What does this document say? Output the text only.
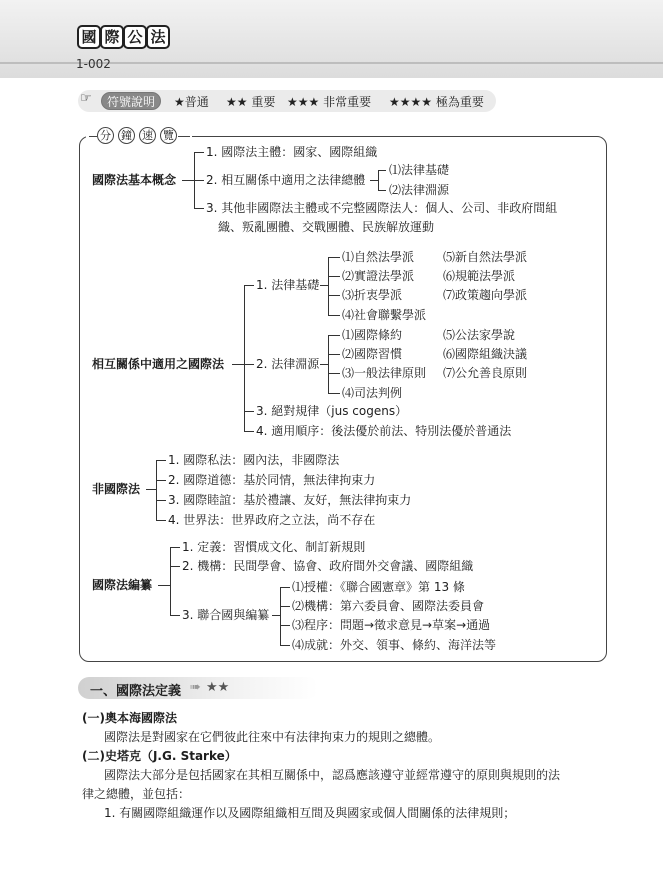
國 際 公 法
1-002
☞	符號說明	★普通 ★★ 重要 ★★★ 非常重要 ★★★★ 極為重要
分 鐘 速 覽
國際法基本概念
1. 國際法主體：國家、國際組織
2. 相互關係中適用之法律總體
⑴法律基礎
⑵法律淵源
3. 其他非國際法主體或不完整國際法人：個人、公司、非政府間組
織、叛亂團體、交戰團體、民族解放運動
相互關係中適用之國際法
1. 法律基礎
⑴自然法學派
⑵實證法學派
⑶折衷學派
⑷社會聯繫學派
⑸新自然法學派
⑹規範法學派
⑺政策趨向學派
2. 法律淵源
⑴國際條約
⑵國際習慣
⑶一般法律原則
⑷司法判例
⑸公法家學說
⑹國際組織決議
⑺公允善良原則
3. 絕對規律（jus cogens）
4. 適用順序：後法優於前法、特別法優於普通法
非國際法
1. 國際私法：國內法，非國際法
2. 國際道德：基於同情，無法律拘束力
3. 國際睦誼：基於禮讓、友好，無法律拘束力
4. 世界法：世界政府之立法，尚不存在
國際法編纂
1. 定義：習慣成文化、制訂新規則
2. 機構：民間學會、協會、政府間外交會議、國際組織
3. 聯合國與編纂
⑴授權：《聯合國憲章》第 13 條
⑵機構：第六委員會、國際法委員會
⑶程序：問題→徵求意見→草案→通過
⑷成就：外交、領事、條約、海洋法等
一、國際法定義 ➠ ★★
(一)奧本海國際法
國際法是對國家在它們彼此往來中有法律拘束力的規則之總體。
(二)史塔克（J.G. Starke）
國際法大部分是包括國家在其相互關係中，認爲應該遵守並經常遵守的原則與規則的法
律之總體，並包括：
1. 有關國際組織運作以及國際組織相互間及與國家或個人間關係的法律規則；
